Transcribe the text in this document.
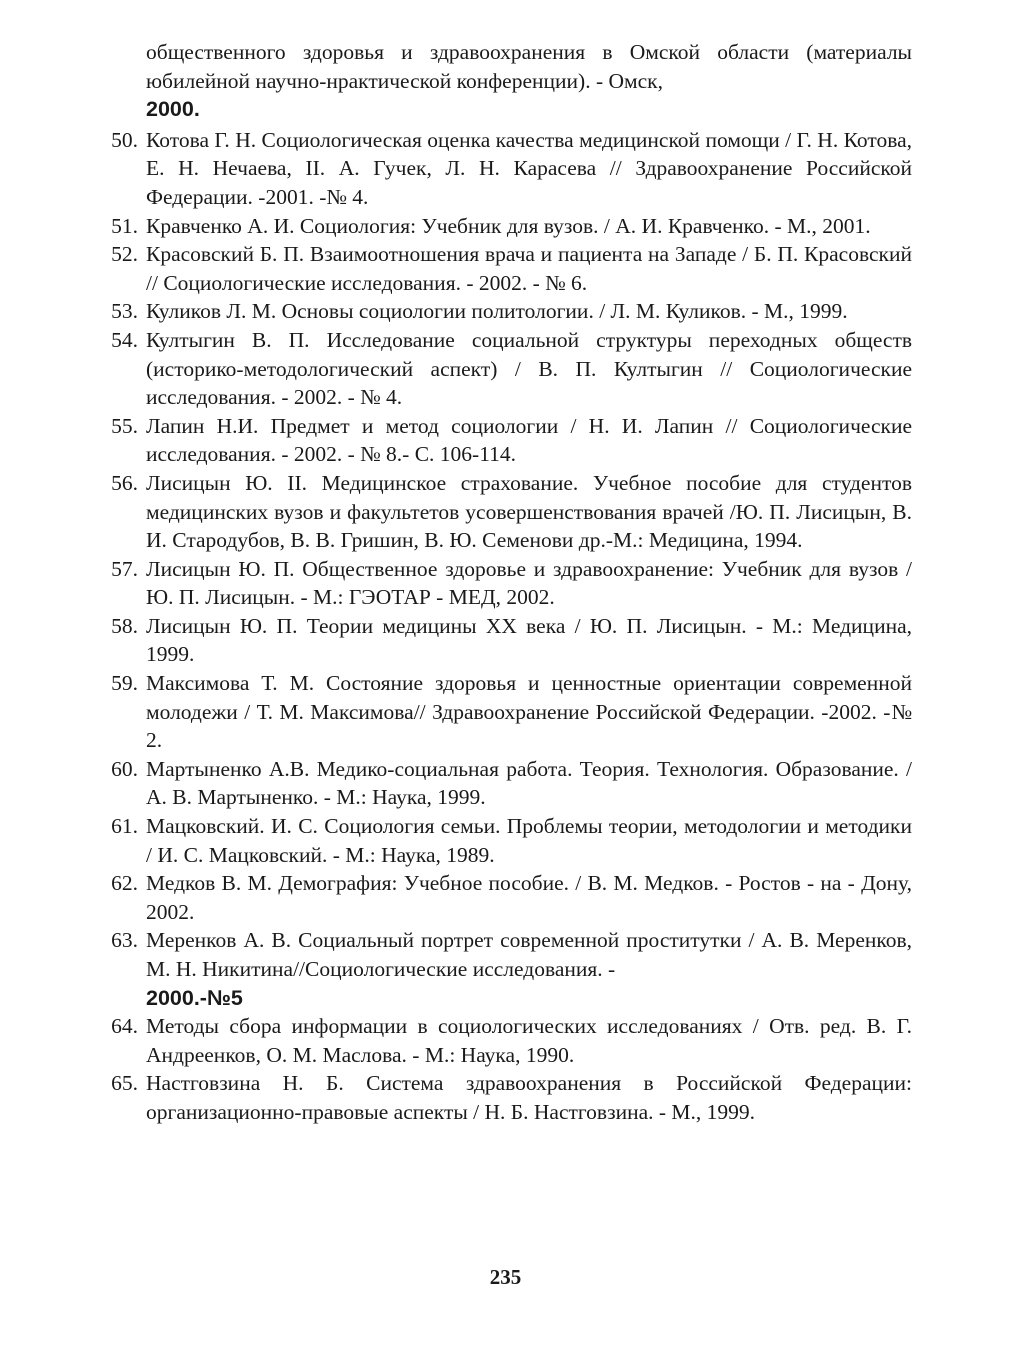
общественного здоровья и здравоохранения в Омской области (материалы юбилейной научно-нрактической конференции). - Омск,
2000.
50. Котова Г. Н. Социологическая оценка качества медицинской помощи / Г. Н. Котова, Е. Н. Нечаева, II. А. Гучек, Л. Н. Карасева // Здравоохранение Российской Федерации. -2001. -№ 4.
51. Кравченко А. И. Социология: Учебник для вузов. / А. И. Кравченко. - М., 2001.
52. Красовский Б. П. Взаимоотношения врача и пациента на Западе / Б. П. Красовский // Социологические исследования. - 2002. - № 6.
53. Куликов Л. М. Основы социологии политологии. / Л. М. Куликов. - М., 1999.
54. Култыгин В. П. Исследование социальной структуры переходных обществ (историко-методологический аспект) / В. П. Култыгин // Социологические исследования. - 2002. - № 4.
55. Лапин Н.И. Предмет и метод социологии / Н. И. Лапин // Социологические исследования. - 2002. - № 8.- С. 106-114.
56. Лисицын Ю. II. Медицинское страхование. Учебное пособие для студентов медицинских вузов и факультетов усовершенствования врачей /Ю. П. Лисицын, В. И. Стародубов, В. В. Гришин, В. Ю. Семенови др.-М.: Медицина, 1994.
57. Лисицын Ю. П. Общественное здоровье и здравоохранение: Учебник для вузов /Ю. П. Лисицын. - М.: ГЭОТАР - МЕД, 2002.
58. Лисицын Ю. П. Теории медицины XX века / Ю. П. Лисицын. - М.: Медицина, 1999.
59. Максимова Т. М. Состояние здоровья и ценностные ориентации современной молодежи / Т. М. Максимова// Здравоохранение Российской Федерации. -2002. -№ 2.
60. Мартыненко А.В. Медико-социальная работа. Теория. Технология. Образование. / А. В. Мартыненко. - М.: Наука, 1999.
61. Мацковский. И. С. Социология семьи. Проблемы теории, методологии и методики / И. С. Мацковский. - М.: Наука, 1989.
62. Медков В. М. Демография: Учебное пособие. / В. М. Медков. - Ростов - на - Дону, 2002.
63. Меренков А. В. Социальный портрет современной проститутки / А. В. Меренков, М. Н. Никитина//Социологические исследования. -
2000.-№5
64. Методы сбора информации в социологических исследованиях / Отв. ред. В. Г. Андреенков, О. М. Маслова. - М.: Наука, 1990.
65. Настговзина Н. Б. Система здравоохранения в Российской Федерации: организационно-правовые аспекты / Н. Б. Настговзина. - М., 1999.
235
